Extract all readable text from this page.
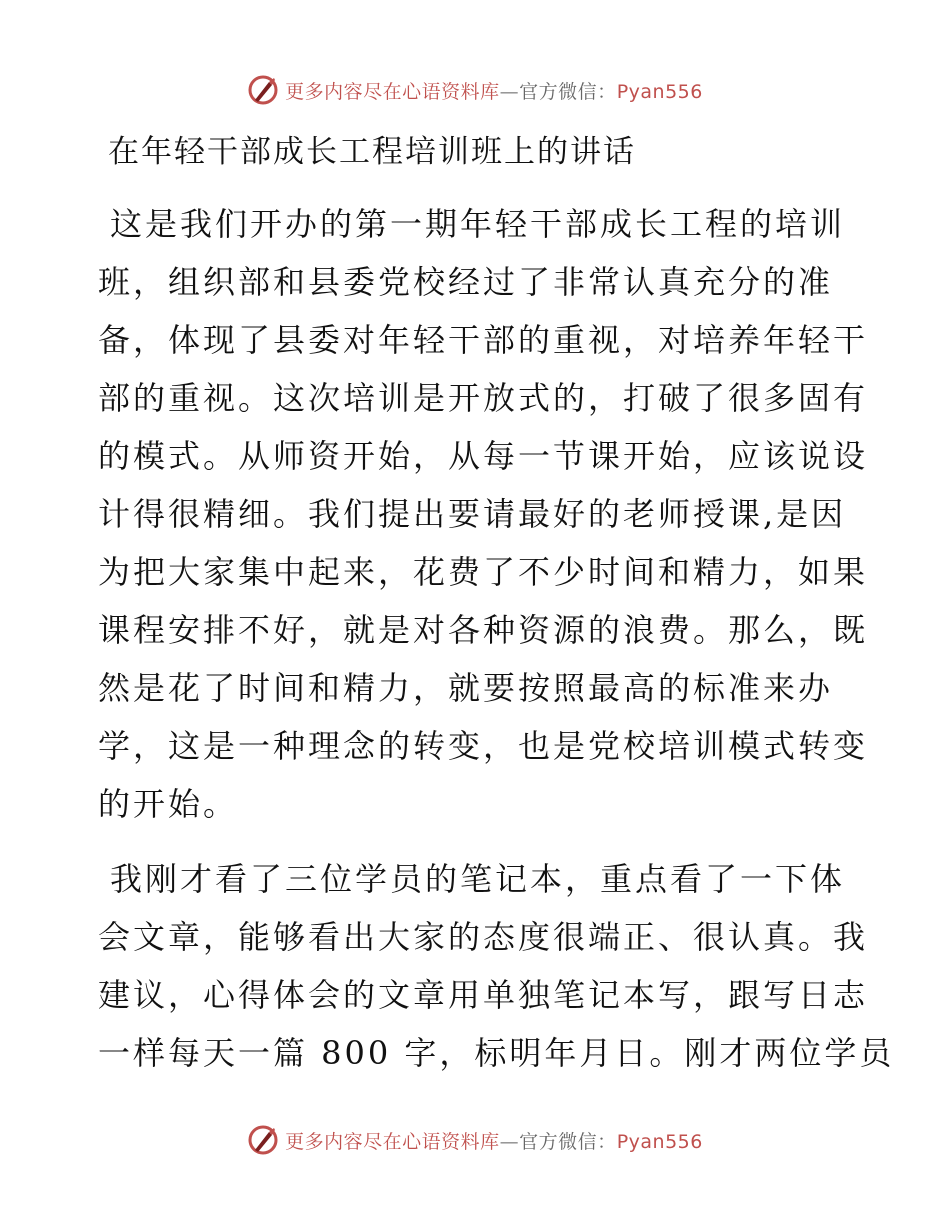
更多内容尽在心语资料库—官方微信：Pyan556
在年轻干部成长工程培训班上的讲话
这是我们开办的第一期年轻干部成长工程的培训
班，组织部和县委党校经过了非常认真充分的准
备，体现了县委对年轻干部的重视，对培养年轻干
部的重视。这次培训是开放式的，打破了很多固有
的模式。从师资开始，从每一节课开始，应该说设
计得很精细。我们提出要请最好的老师授课,是因
为把大家集中起来，花费了不少时间和精力，如果
课程安排不好，就是对各种资源的浪费。那么，既
然是花了时间和精力，就要按照最高的标准来办
学，这是一种理念的转变，也是党校培训模式转变
的开始。
我刚才看了三位学员的笔记本，重点看了一下体
会文章，能够看出大家的态度很端正、很认真。我
建议，心得体会的文章用单独笔记本写，跟写日志
一样每天一篇 800 字，标明年月日。刚才两位学员
更多内容尽在心语资料库—官方微信：Pyan556
